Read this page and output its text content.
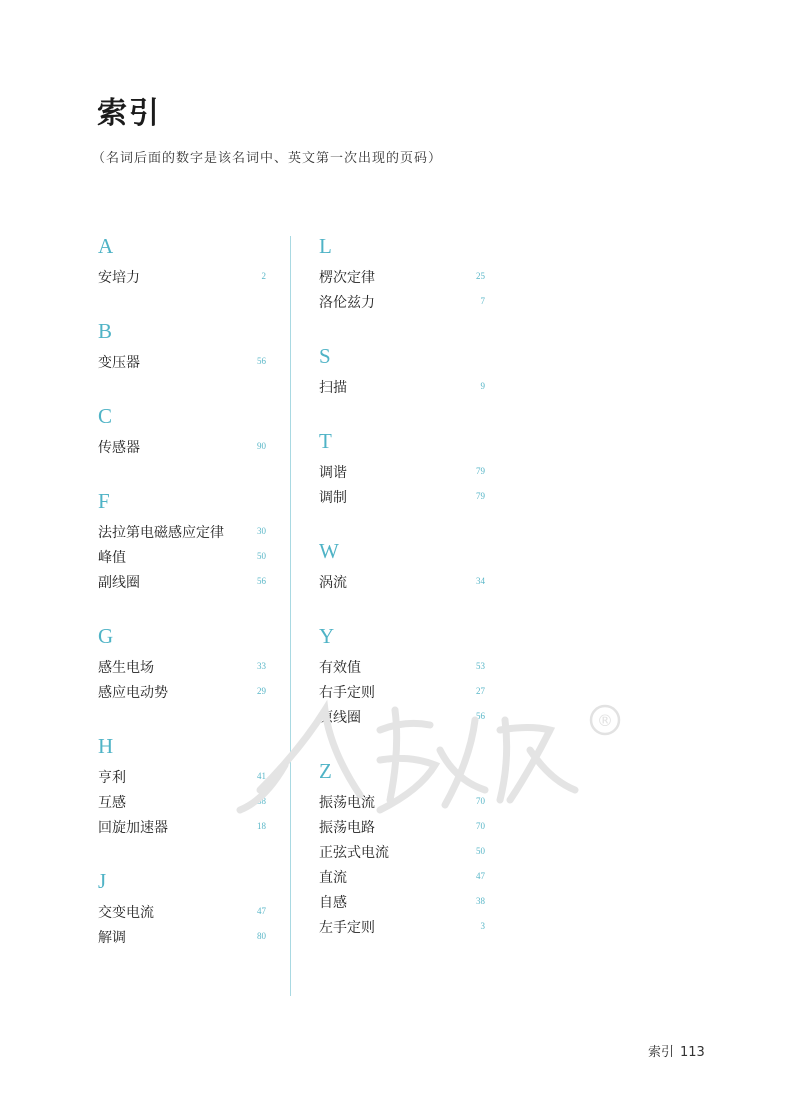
索引
（名词后面的数字是该名词中、英文第一次出现的页码）
A
安培力	2
B
变压器	56
C
传感器	90
F
法拉第电磁感应定律	30
峰值	50
副线圈	56
G
感生电场	33
感应电动势	29
H
亨利	41
互感	38
回旋加速器	18
J
交变电流	47
解调	80
L
楞次定律	25
洛伦兹力	7
S
扫描	9
T
调谐	79
调制	79
W
涡流	34
Y
有效值	53
右手定则	27
原线圈	56
Z
振荡电流	70
振荡电路	70
正弦式电流	50
直流	47
自感	38
左手定则	3
®
索引 113
